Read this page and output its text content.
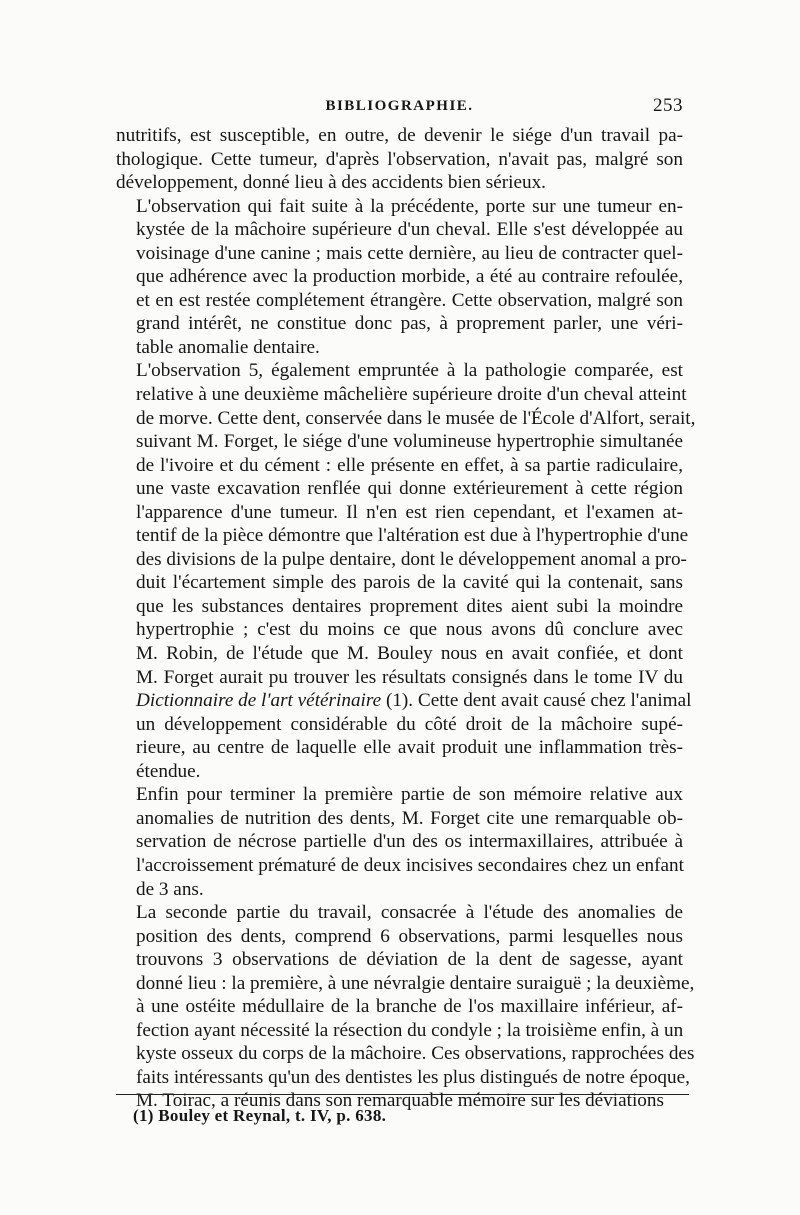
BIBLIOGRAPHIE.	253

nutritifs, est susceptible, en outre, de devenir le siége d'un travail pa-
thologique. Cette tumeur, d'après l'observation, n'avait pas, malgré son
développement, donné lieu à des accidents bien sérieux.

L'observation qui fait suite à la précédente, porte sur une tumeur en-
kystée de la mâchoire supérieure d'un cheval. Elle s'est développée au
voisinage d'une canine ; mais cette dernière, au lieu de contracter quel-
que adhérence avec la production morbide, a été au contraire refoulée,
et en est restée complétement étrangère. Cette observation, malgré son
grand intérêt, ne constitue donc pas, à proprement parler, une véri-
table anomalie dentaire.

L'observation 5, également empruntée à la pathologie comparée, est
relative à une deuxième mâchelière supérieure droite d'un cheval atteint
de morve. Cette dent, conservée dans le musée de l'École d'Alfort, serait,
suivant M. Forget, le siége d'une volumineuse hypertrophie simultanée
de l'ivoire et du cément : elle présente en effet, à sa partie radiculaire,
une vaste excavation renflée qui donne extérieurement à cette région
l'apparence d'une tumeur. Il n'en est rien cependant, et l'examen at-
tentif de la pièce démontre que l'altération est due à l'hypertrophie d'une
des divisions de la pulpe dentaire, dont le développement anomal a pro-
duit l'écartement simple des parois de la cavité qui la contenait, sans
que les substances dentaires proprement dites aient subi la moindre
hypertrophie ; c'est du moins ce que nous avons dû conclure avec
M. Robin, de l'étude que M. Bouley nous en avait confiée, et dont
M. Forget aurait pu trouver les résultats consignés dans le tome IV du
Dictionnaire de l'art vétérinaire (1). Cette dent avait causé chez l'animal
un développement considérable du côté droit de la mâchoire supé-
rieure, au centre de laquelle elle avait produit une inflammation très-
étendue.

Enfin pour terminer la première partie de son mémoire relative aux
anomalies de nutrition des dents, M. Forget cite une remarquable ob-
servation de nécrose partielle d'un des os intermaxillaires, attribuée à
l'accroissement prématuré de deux incisives secondaires chez un enfant
de 3 ans.

La seconde partie du travail, consacrée à l'étude des anomalies de
position des dents, comprend 6 observations, parmi lesquelles nous
trouvons 3 observations de déviation de la dent de sagesse, ayant
donné lieu : la première, à une névralgie dentaire suraiguë ; la deuxième,
à une ostéite médullaire de la branche de l'os maxillaire inférieur, af-
fection ayant nécessité la résection du condyle ; la troisième enfin, à un
kyste osseux du corps de la mâchoire. Ces observations, rapprochées des
faits intéressants qu'un des dentistes les plus distingués de notre époque,
M. Toirac, a réunis dans son remarquable mémoire sur les déviations

(1) Bouley et Reynal, t. IV, p. 638.
